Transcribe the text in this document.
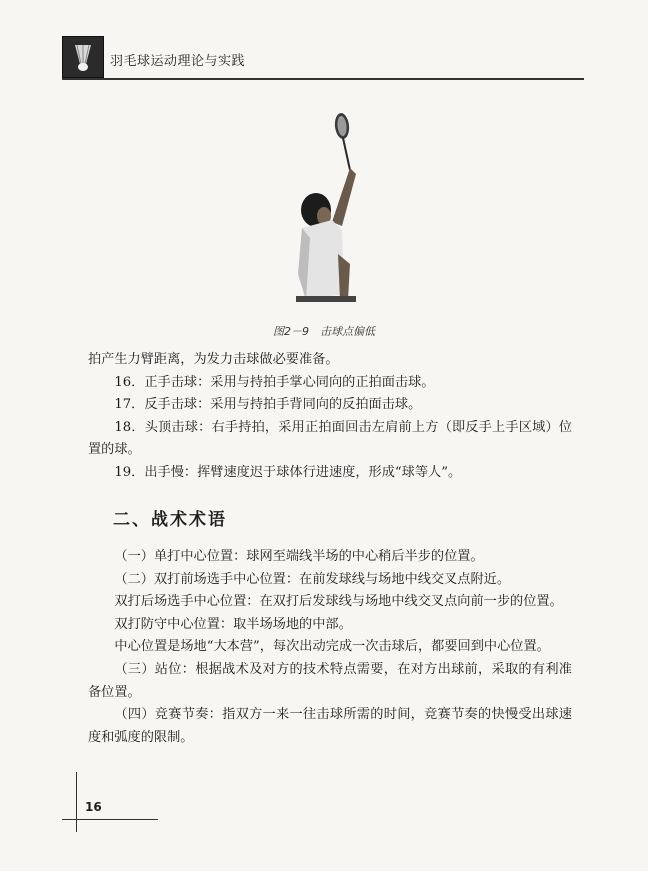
羽毛球运动理论与实践
图2－9　击球点偏低

拍产生力臂距离，为发力击球做必要准备。

16．正手击球：采用与持拍手掌心同向的正拍面击球。

17．反手击球：采用与持拍手背同向的反拍面击球。

18．头顶击球：右手持拍，采用正拍面回击左肩前上方（即反手上手区域）位置的球。

19．出手慢：挥臂速度迟于球体行进速度，形成“球等人”。

二、战术术语

（一）单打中心位置：球网至端线半场的中心稍后半步的位置。

（二）双打前场选手中心位置：在前发球线与场地中线交叉点附近。

双打后场选手中心位置：在双打后发球线与场地中线交叉点向前一步的位置。

双打防守中心位置：取半场场地的中部。

中心位置是场地“大本营”，每次出动完成一次击球后，都要回到中心位置。

（三）站位：根据战术及对方的技术特点需要，在对方出球前，采取的有利准备位置。

（四）竞赛节奏：指双方一来一往击球所需的时间，竞赛节奏的快慢受出球速度和弧度的限制。

16
